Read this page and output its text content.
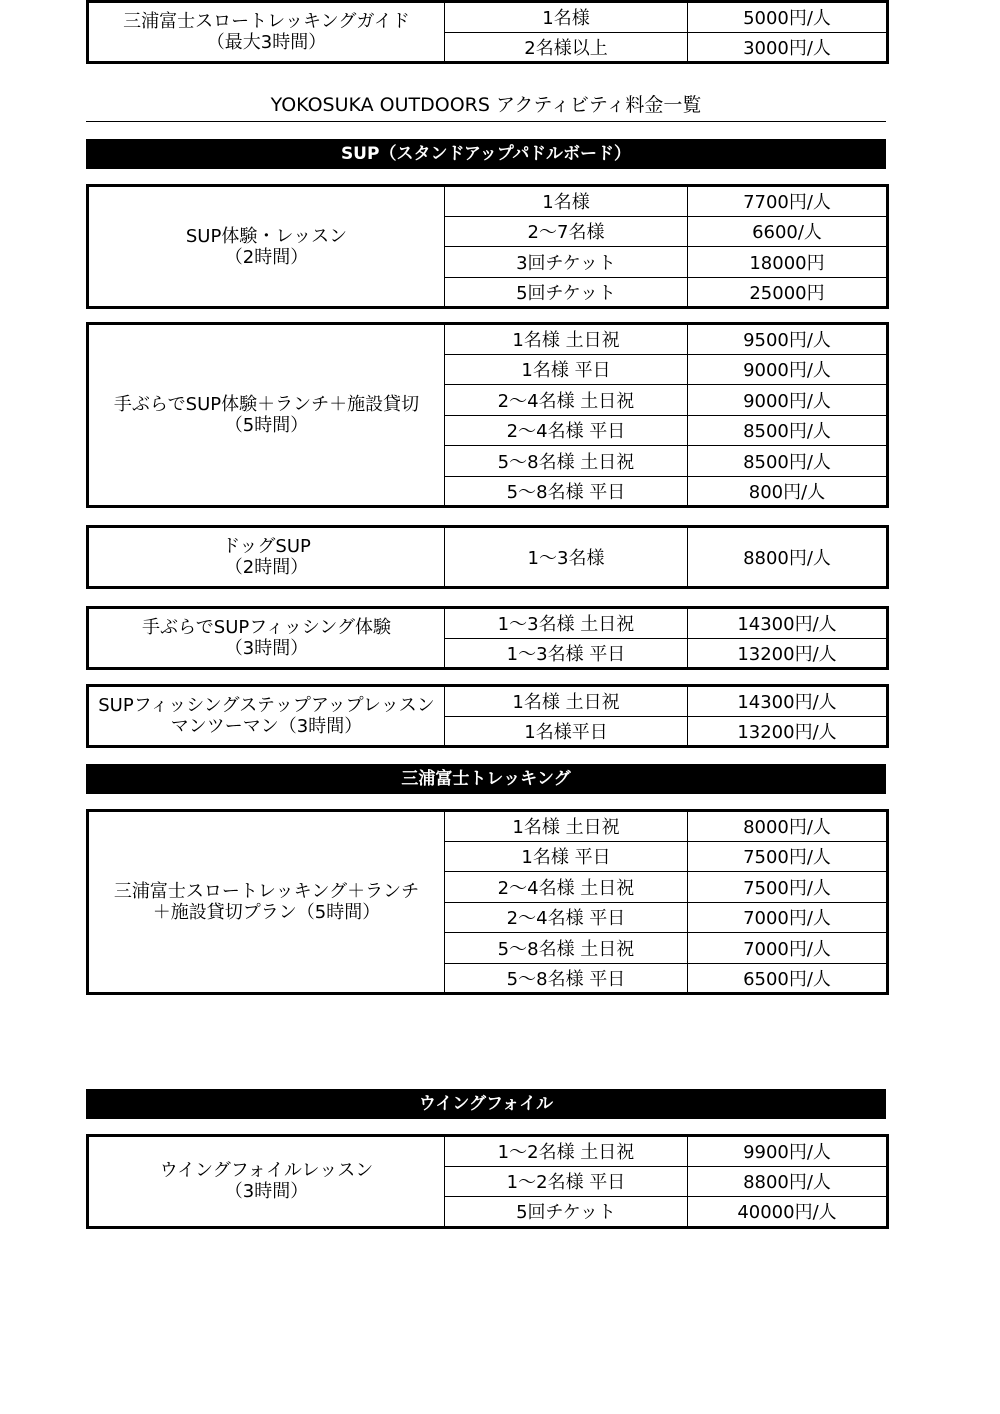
YOKOSUKA OUTDOORS アクティビティ料金一覧
SUP（スタンドアップパドルボード）
SUP体験・レッスン
（2時間）	1名様	7700円/人
	2～7名様	6600/人
	3回チケット	18000円
	5回チケット	25000円
手ぶらでSUP体験＋ランチ＋施設貸切
（5時間）	1名様 土日祝	9500円/人
	1名様 平日	9000円/人
	2～4名様 土日祝	9000円/人
	2～4名様 平日	8500円/人
	5～8名様 土日祝	8500円/人
	5～8名様 平日	800円/人
ドッグSUP
（2時間）	1～3名様	8800円/人
手ぶらでSUPフィッシング体験
（3時間）	1～3名様 土日祝	14300円/人
	1～3名様 平日	13200円/人
SUPフィッシングステップアップレッスン
マンツーマン（3時間）	1名様 土日祝	14300円/人
	1名様平日	13200円/人
三浦富士トレッキング
三浦富士スロートレッキング＋ランチ
＋施設貸切プラン（5時間）	1名様 土日祝	8000円/人
	1名様 平日	7500円/人
	2～4名様 土日祝	7500円/人
	2～4名様 平日	7000円/人
	5～8名様 土日祝	7000円/人
	5～8名様 平日	6500円/人
三浦富士スロートレッキングガイド
（最大3時間）	1名様	5000円/人
	2名様以上	3000円/人
ウイングフォイル
ウイングフォイルレッスン
（3時間）	1～2名様 土日祝	9900円/人
	1～2名様 平日	8800円/人
	5回チケット	40000円/人
